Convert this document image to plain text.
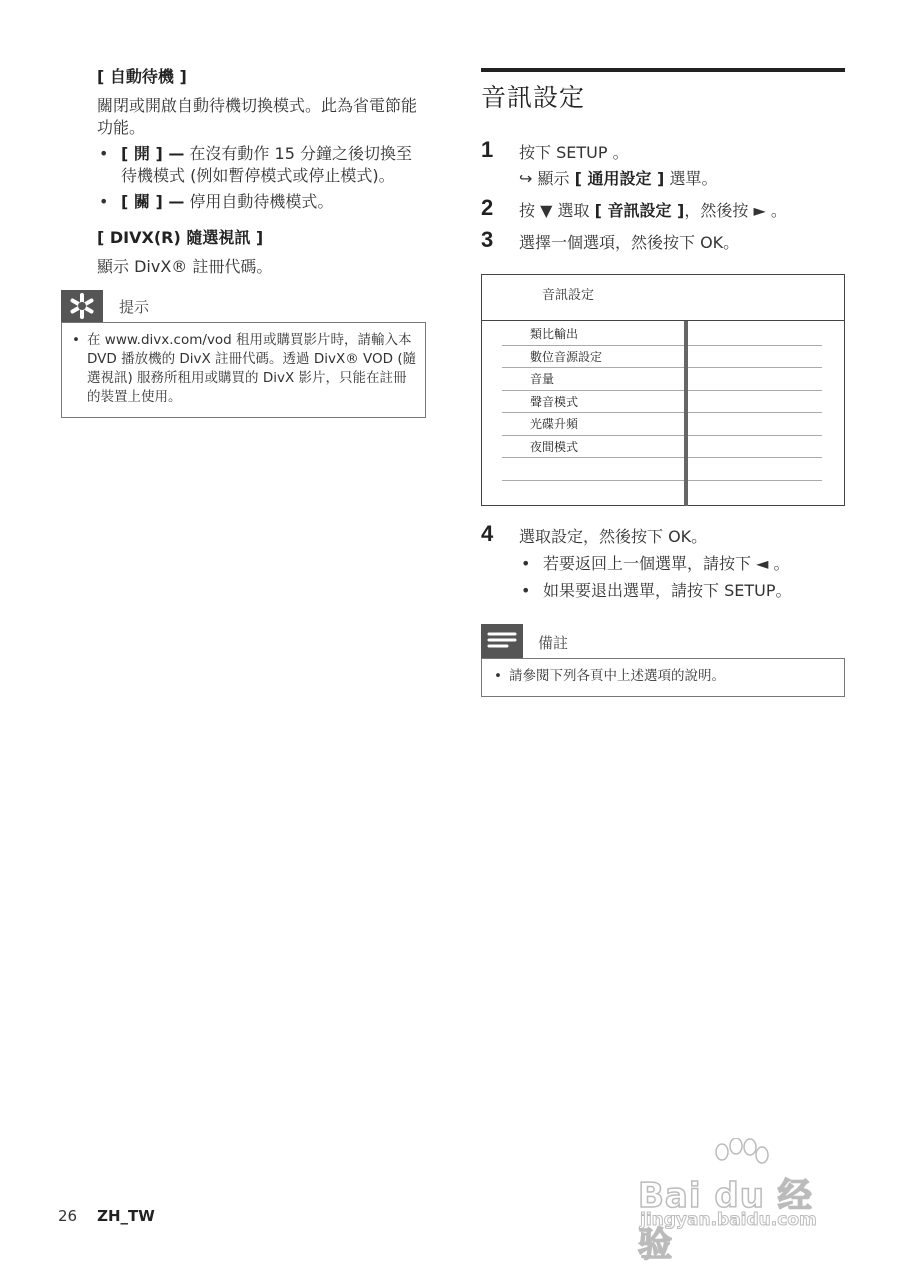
[ 自動待機 ]
關閉或開啟自動待機切換模式。此為省電節能功能。
• [ 開 ] — 在沒有動作 15 分鐘之後切換至待機模式 (例如暫停模式或停止模式)。
• [ 關 ] — 停用自動待機模式。
[ DIVX(R) 隨選視訊 ]
顯示 DivX® 註冊代碼。
提示
• 在 www.divx.com/vod 租用或購買影片時，請輸入本 DVD 播放機的 DivX 註冊代碼。透過 DivX® VOD (隨選視訊) 服務所租用或購買的 DivX 影片，只能在註冊的裝置上使用。
音訊設定
1 按下 SETUP 。
↪ 顯示 [ 通用設定 ] 選單。
2 按 ▼ 選取 [ 音訊設定 ]，然後按 ► 。
3 選擇一個選項，然後按下 OK。
音訊設定
類比輸出
數位音源設定
音量
聲音模式
光碟升頻
夜間模式
4 選取設定，然後按下 OK。
• 若要返回上一個選單，請按下 ◄ 。
• 如果要退出選單，請按下 SETUP。
備註
• 請參閱下列各頁中上述選項的說明。
26 ZH_TW	Bai du 经验
jingyan.baidu.com
